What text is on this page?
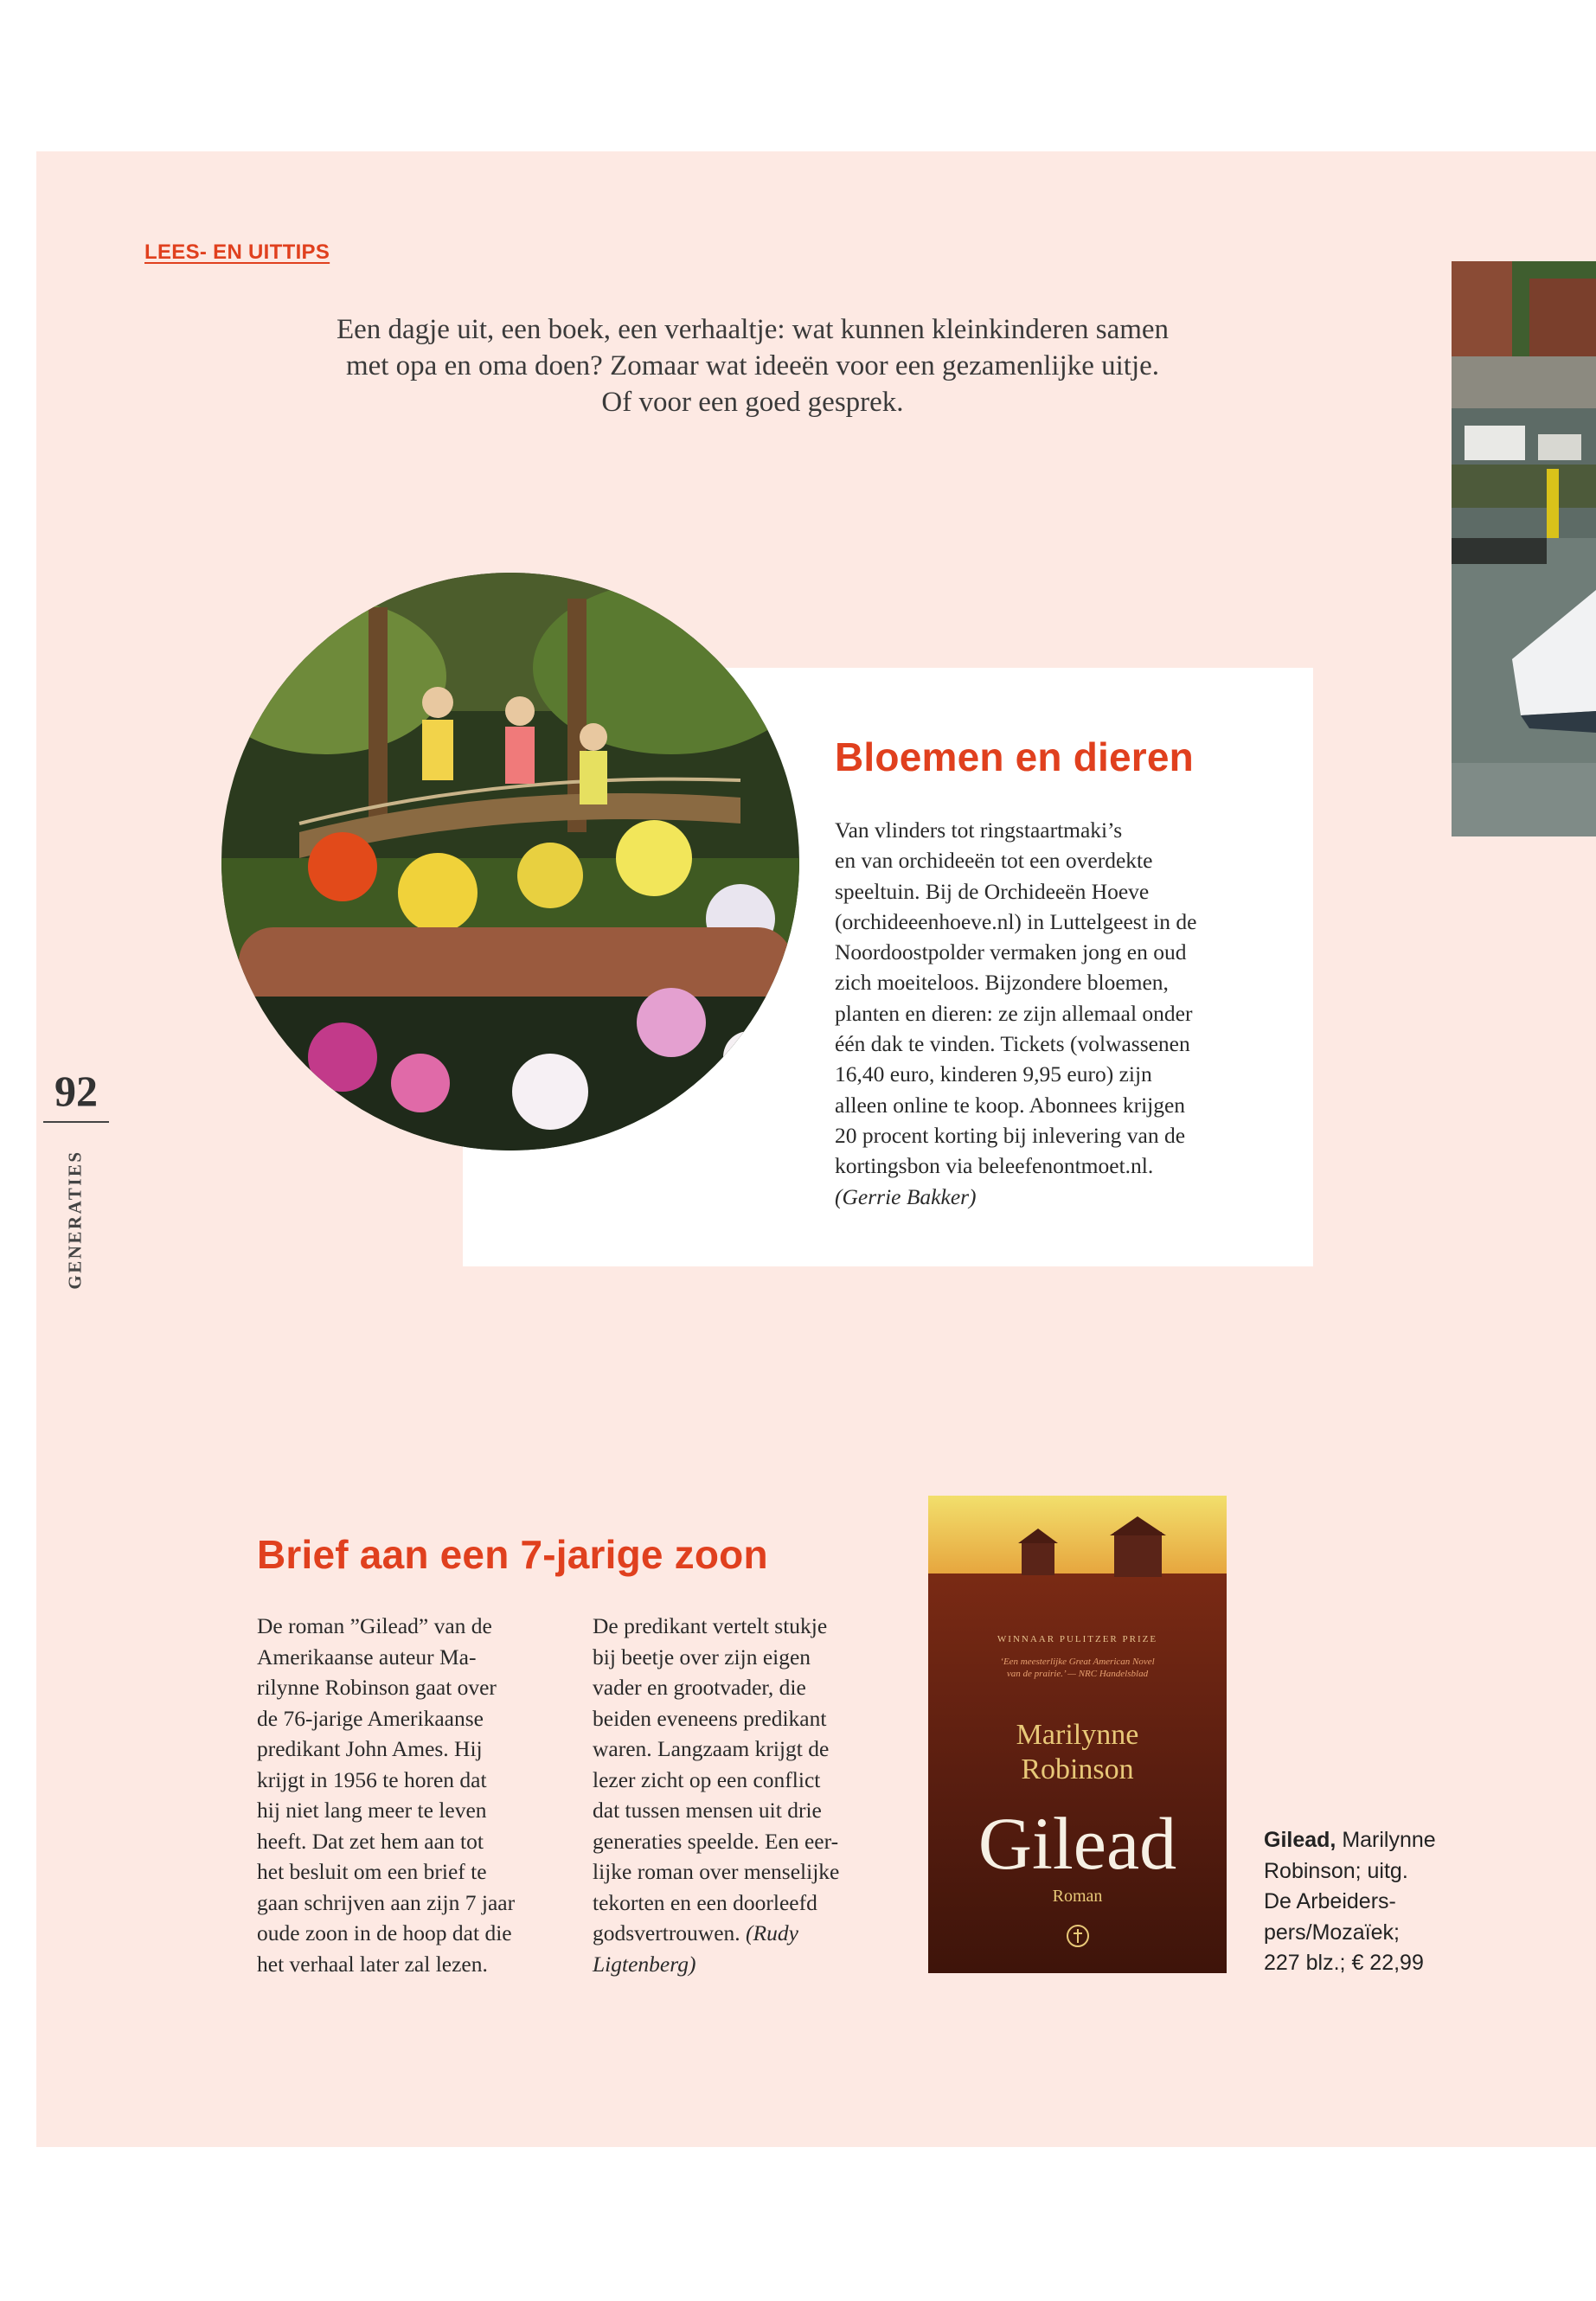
LEES- EN UITTIPS
Een dagje uit, een boek, een verhaaltje: wat kunnen kleinkinderen samen
met opa en oma doen? Zomaar wat ideeën voor een gezamenlijke uitje.
Of voor een goed gesprek.
Bloemen en dieren
Van vlinders tot ringstaartmaki’s
en van orchideeën tot een overdekte
speeltuin. Bij de Orchideeën Hoeve
(orchideeenhoeve.nl) in Luttelgeest in de
Noordoostpolder vermaken jong en oud
zich moeiteloos. Bijzondere bloemen,
planten en dieren: ze zijn allemaal onder
één dak te vinden. Tickets (volwassenen
16,40 euro, kinderen 9,95 euro) zijn
alleen online te koop. Abonnees krijgen
20 procent korting bij inlevering van de
kortingsbon via beleefenontmoet.nl.
(Gerrie Bakker)
92
GENERATIES
Brief aan een 7-jarige zoon
De roman ”Gilead” van de
Amerikaanse auteur Ma-
rilynne Robinson gaat over
de 76-jarige Amerikaanse
predikant John Ames. Hij
krijgt in 1956 te horen dat
hij niet lang meer te leven
heeft. Dat zet hem aan tot
het besluit om een brief te
gaan schrijven aan zijn 7 jaar
oude zoon in de hoop dat die
het verhaal later zal lezen.
De predikant vertelt stukje
bij beetje over zijn eigen
vader en grootvader, die
beiden eveneens predikant
waren. Langzaam krijgt de
lezer zicht op een conflict
dat tussen mensen uit drie
generaties speelde. Een eer-
lijke roman over menselijke
tekorten en een doorleefd
godsvertrouwen. (Rudy
Ligtenberg)
WINNAAR PULITZER PRIZE
‘Een meesterlijke Great American Novel
van de prairie.’ — NRC Handelsblad
Marilynne
Robinson
Gilead
Roman
Gilead, Marilynne
Robinson; uitg.
De Arbeiders-
pers/Mozaïek;
227 blz.; € 22,99
